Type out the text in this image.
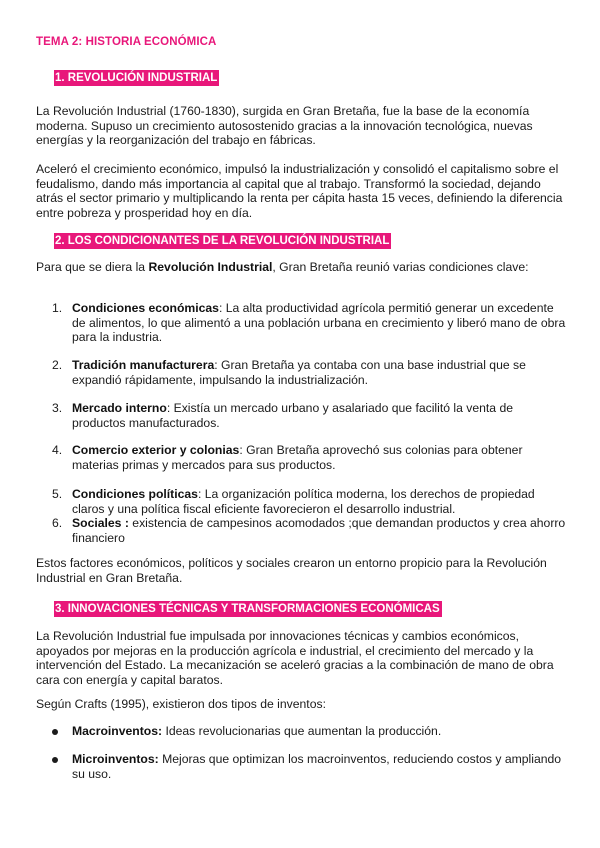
TEMA 2: HISTORIA ECONÓMICA
1. REVOLUCIÓN INDUSTRIAL

La Revolución Industrial (1760-1830), surgida en Gran Bretaña, fue la base de la economía moderna. Supuso un crecimiento autosostenido gracias a la innovación tecnológica, nuevas energías y la reorganización del trabajo en fábricas.

Aceleró el crecimiento económico, impulsó la industrialización y consolidó el capitalismo sobre el feudalismo, dando más importancia al capital que al trabajo. Transformó la sociedad, dejando atrás el sector primario y multiplicando la renta per cápita hasta 15 veces, definiendo la diferencia entre pobreza y prosperidad hoy en día.

2. LOS CONDICIONANTES DE LA REVOLUCIÓN INDUSTRIAL

Para que se diera la Revolución Industrial, Gran Bretaña reunió varias condiciones clave:

1. Condiciones económicas: La alta productividad agrícola permitió generar un excedente de alimentos, lo que alimentó a una población urbana en crecimiento y liberó mano de obra para la industria.

2. Tradición manufacturera: Gran Bretaña ya contaba con una base industrial que se expandió rápidamente, impulsando la industrialización.

3. Mercado interno: Existía un mercado urbano y asalariado que facilitó la venta de productos manufacturados.

4. Comercio exterior y colonias: Gran Bretaña aprovechó sus colonias para obtener materias primas y mercados para sus productos.

5. Condiciones políticas: La organización política moderna, los derechos de propiedad claros y una política fiscal eficiente favorecieron el desarrollo industrial.

6. Sociales : existencia de campesinos acomodados ;que demandan productos y crea ahorro financiero

Estos factores económicos, políticos y sociales crearon un entorno propicio para la Revolución Industrial en Gran Bretaña.

3. INNOVACIONES TÉCNICAS Y TRANSFORMACIONES ECONÓMICAS

La Revolución Industrial fue impulsada por innovaciones técnicas y cambios económicos, apoyados por mejoras en la producción agrícola e industrial, el crecimiento del mercado y la intervención del Estado. La mecanización se aceleró gracias a la combinación de mano de obra cara con energía y capital baratos.

Según Crafts (1995), existieron dos tipos de inventos:

Macroinventos: Ideas revolucionarias que aumentan la producción.

Microinventos: Mejoras que optimizan los macroinventos, reduciendo costos y ampliando su uso.
